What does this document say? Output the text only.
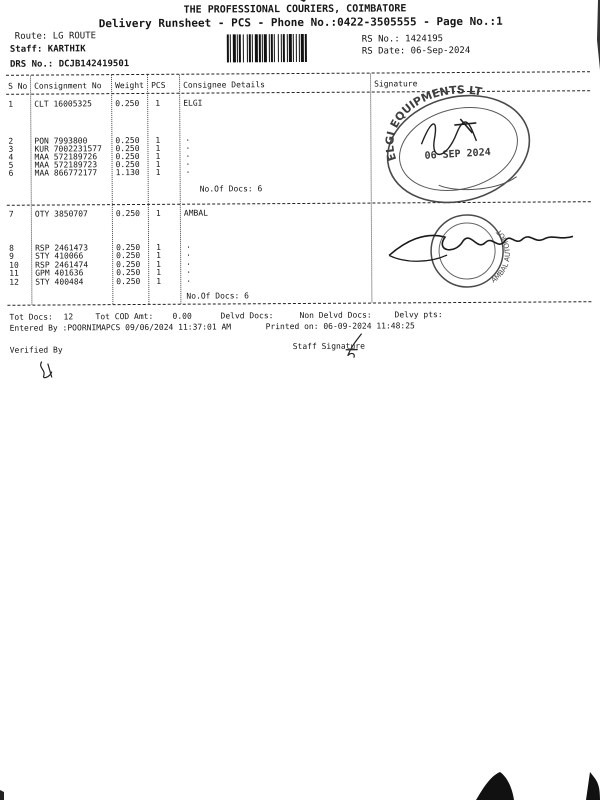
THE PROFESSIONAL COURIERS, COIMBATORE
Delivery Runsheet - PCS - Phone No.:0422-3505555 - Page No.:1
Route: LG ROUTE
Staff: KARTHIK
DRS No.: DCJB142419501
RS No.: 1424195
RS Date: 06-Sep-2024
S No Consignment No Weight PCS Consignee Details	Signature
ELGI
1	CLT 16005325	0.250 1
2	PON 7993800	0.250 1	.
3	KUR 7002231577 0.250 1	.
4	MAA 572189726 0.250 1	.
5	MAA 572189723 0.250 1	.
6	MAA 866772177 1.130 1	.
No.Of Docs: 6
AMBAL
7	OTY 3850707	0.250 1
8	RSP 2461473	0.250 1	.
9	STY 410066	0.250 1	.
10 RSP 2461474	0.250 1	.
11 GPM 401636	0.250 1	.
12 STY 400484	0.250 1	.
No.Of Docs: 6
ELGI EQUIPMENTS LT
06 SEP 2024
AMBAL AUTOMOT
Tot Docs: 12	Tot COD Amt: 0.00	Delvd Docs:	Non Delvd Docs:	Delvy pts:
Entered By :POORNIMAPCS 09/06/2024 11:37:01 AM	Printed on: 06-09-2024 11:48:25
Verified By	Staff Signature
